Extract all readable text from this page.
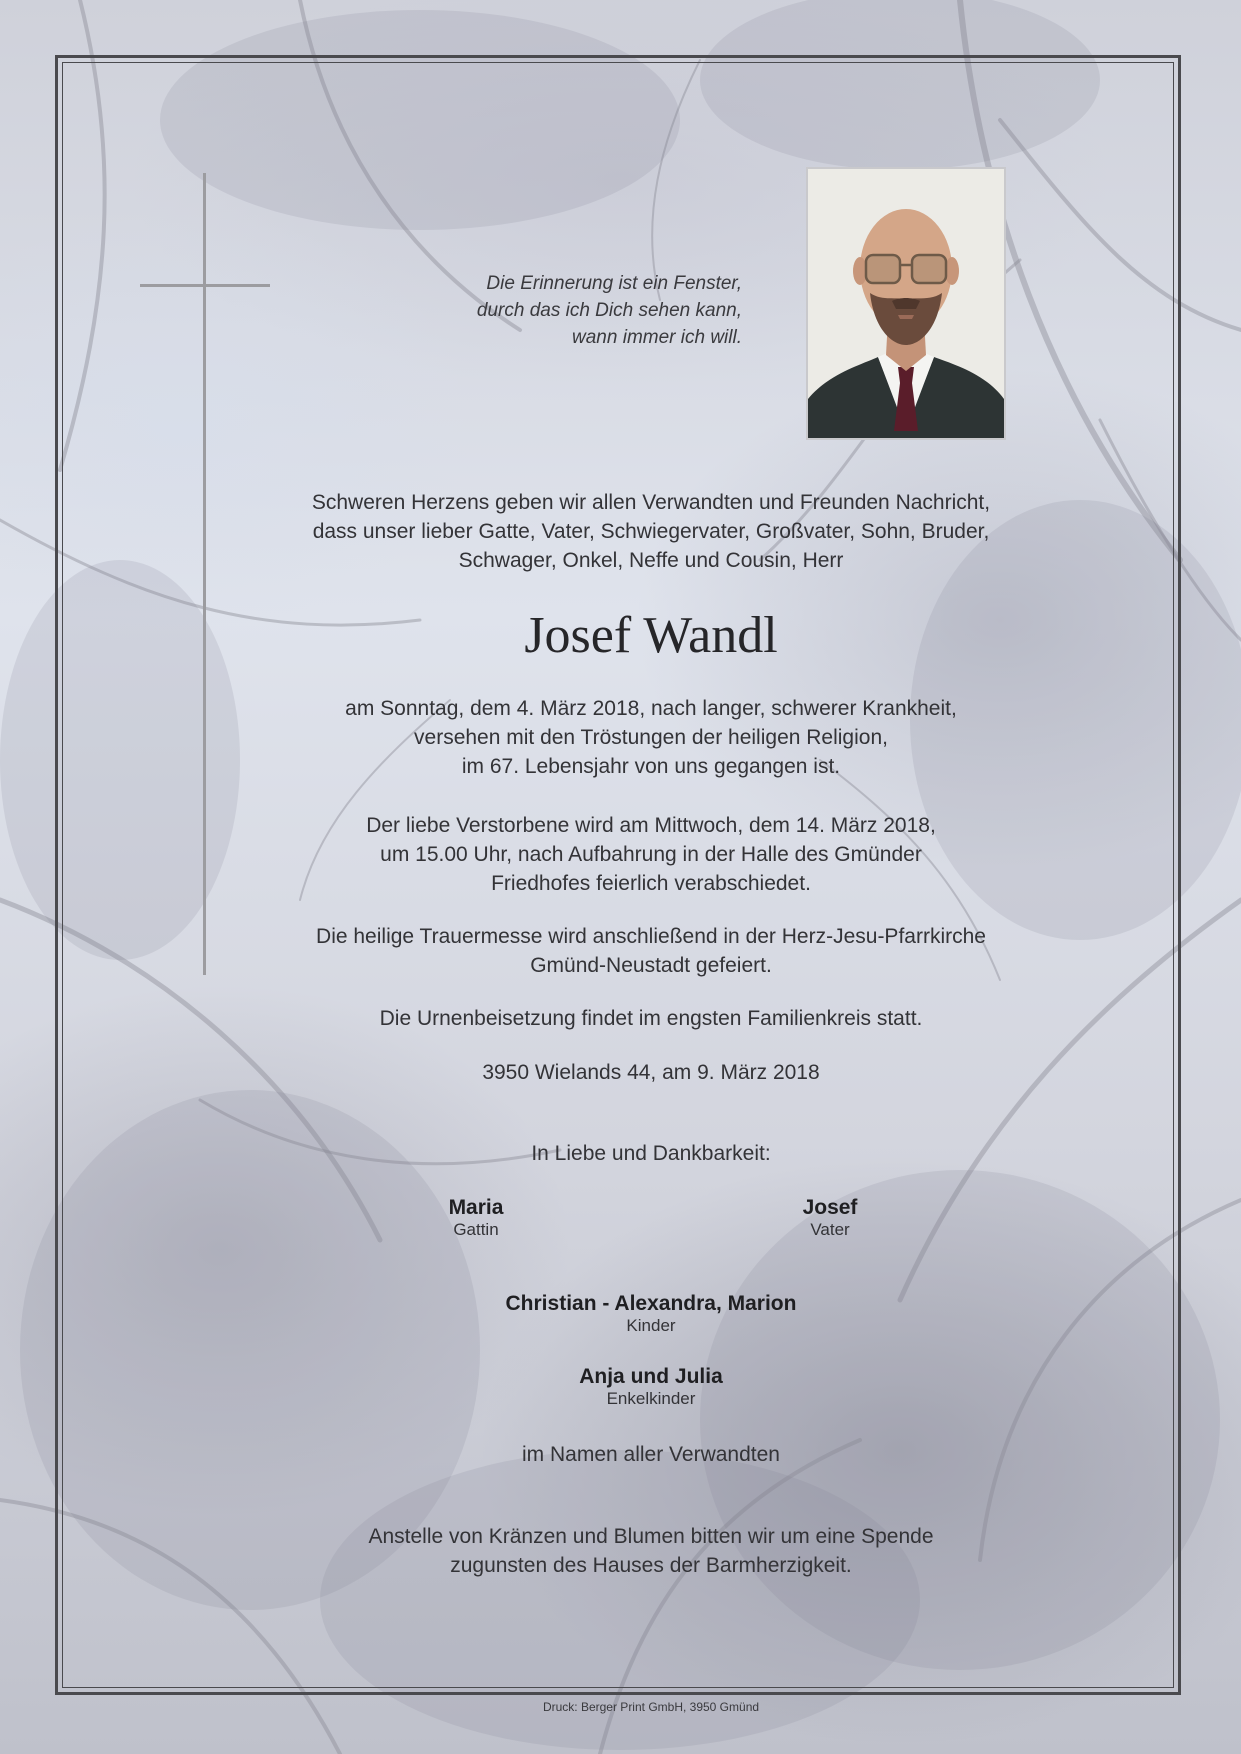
Die Erinnerung ist ein Fenster,
durch das ich Dich sehen kann,
wann immer ich will.

Schweren Herzens geben wir allen Verwandten und Freunden Nachricht,

dass unser lieber Gatte, Vater, Schwiegervater, Großvater, Sohn, Bruder,

Schwager, Onkel, Neffe und Cousin, Herr

Josef Wandl

am Sonntag, dem 4. März 2018, nach langer, schwerer Krankheit,

versehen mit den Tröstungen der heiligen Religion,

im 67. Lebensjahr von uns gegangen ist.

Der liebe Verstorbene wird am Mittwoch, dem 14. März 2018,

um 15.00 Uhr, nach Aufbahrung in der Halle des Gmünder

Friedhofes feierlich verabschiedet.

Die heilige Trauermesse wird anschließend in der Herz-Jesu-Pfarrkirche

Gmünd-Neustadt gefeiert.

Die Urnenbeisetzung findet im engsten Familienkreis statt.
3950 Wielands 44, am 9. März 2018
In Liebe und Dankbarkeit:
Maria
Gattin
Josef
Vater
Christian - Alexandra, Marion
Kinder
Anja und Julia
Enkelkinder
im Namen aller Verwandten

Anstelle von Kränzen und Blumen bitten wir um eine Spende

zugunsten des Hauses der Barmherzigkeit.

Druck: Berger Print GmbH, 3950 Gmünd
